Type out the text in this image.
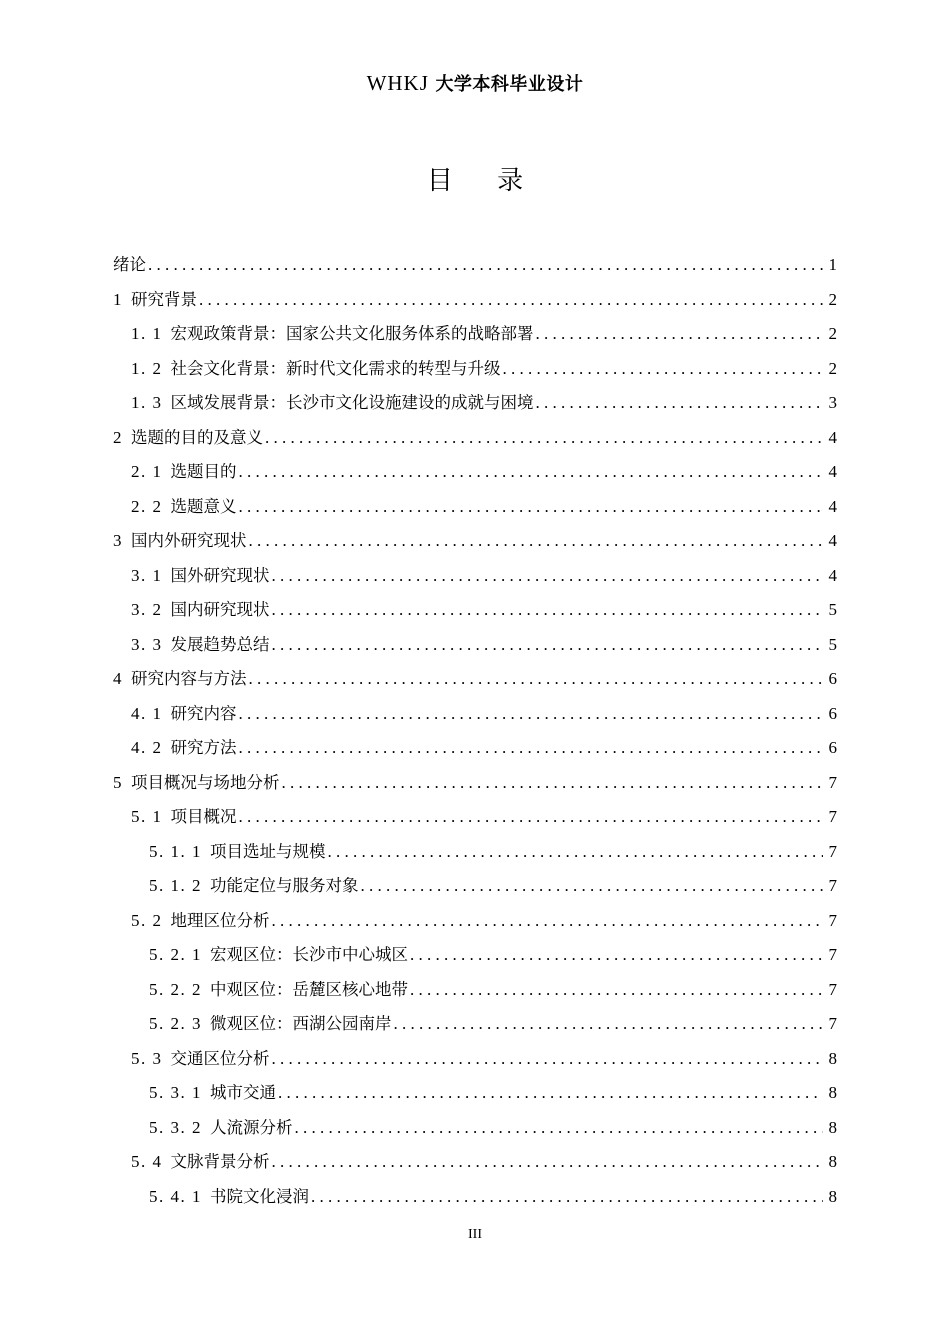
WHKJ 大学本科毕业设计
目 录
绪论 . . .	1
1 研究背景 . . .	2
1. 1 宏观政策背景：国家公共文化服务体系的战略部署 . . .	2
1. 2 社会文化背景：新时代文化需求的转型与升级 . . .	2
1. 3 区域发展背景：长沙市文化设施建设的成就与困境 . . .	3
2 选题的目的及意义 . . .	4
2. 1 选题目的 . . .	4
2. 2 选题意义 . . .	4
3 国内外研究现状 . . .	4
3. 1 国外研究现状 . . .	4
3. 2 国内研究现状 . . .	5
3. 3 发展趋势总结 . . .	5
4 研究内容与方法 . . .	6
4. 1 研究内容 . . .	6
4. 2 研究方法 . . .	6
5 项目概况与场地分析 . . .	7
5. 1 项目概况 . . .	7
5. 1. 1 项目选址与规模 . . .	7
5. 1. 2 功能定位与服务对象 . . .	7
5. 2 地理区位分析 . . .	7
5. 2. 1 宏观区位：长沙市中心城区 . . .	7
5. 2. 2 中观区位：岳麓区核心地带 . . .	7
5. 2. 3 微观区位：西湖公园南岸 . . .	7
5. 3 交通区位分析 . . .	8
5. 3. 1 城市交通 . . .	8
5. 3. 2 人流源分析 . . .	8
5. 4 文脉背景分析 . . .	8
5. 4. 1 书院文化浸润 . . .	8
III
